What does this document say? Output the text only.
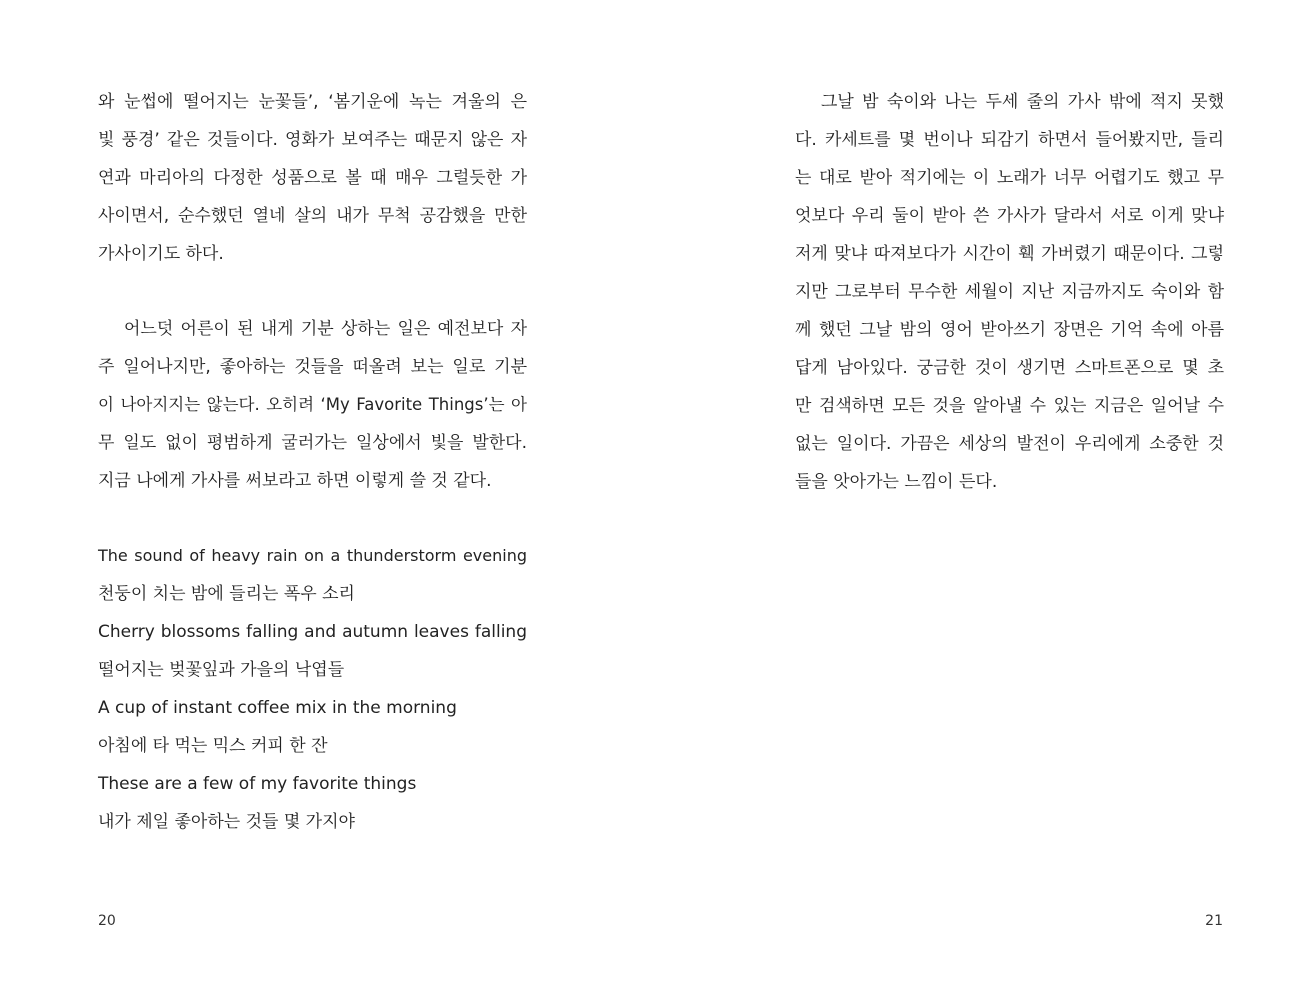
와 눈썹에 떨어지는 눈꽃들’, ‘봄기운에 녹는 겨울의 은
빛 풍경’ 같은 것들이다. 영화가 보여주는 때문지 않은 자
연과 마리아의 다정한 성품으로 볼 때 매우 그럴듯한 가
사이면서, 순수했던 열네 살의 내가 무척 공감했을 만한
가사이기도 하다.
어느덧 어른이 된 내게 기분 상하는 일은 예전보다 자
주 일어나지만, 좋아하는 것들을 떠올려 보는 일로 기분
이 나아지지는 않는다. 오히려 ‘My Favorite Things’는 아
무 일도 없이 평범하게 굴러가는 일상에서 빛을 발한다.
지금 나에게 가사를 써보라고 하면 이렇게 쓸 것 같다.
The sound of heavy rain on a thunderstorm evening
천둥이 치는 밤에 들리는 폭우 소리
Cherry blossoms falling and autumn leaves falling
떨어지는 벚꽃잎과 가을의 낙엽들
A cup of instant coffee mix in the morning
아침에 타 먹는 믹스 커피 한 잔
These are a few of my favorite things
내가 제일 좋아하는 것들 몇 가지야
20
그날 밤 숙이와 나는 두세 줄의 가사 밖에 적지 못했
다. 카세트를 몇 번이나 되감기 하면서 들어봤지만, 들리
는 대로 받아 적기에는 이 노래가 너무 어렵기도 했고 무
엇보다 우리 둘이 받아 쓴 가사가 달라서 서로 이게 맞냐
저게 맞냐 따져보다가 시간이 훽 가버렸기 때문이다. 그렇
지만 그로부터 무수한 세월이 지난 지금까지도 숙이와 함
께 했던 그날 밤의 영어 받아쓰기 장면은 기억 속에 아름
답게 남아있다. 궁금한 것이 생기면 스마트폰으로 몇 초
만 검색하면 모든 것을 알아낼 수 있는 지금은 일어날 수
없는 일이다. 가끔은 세상의 발전이 우리에게 소중한 것
들을 앗아가는 느낌이 든다.
21
